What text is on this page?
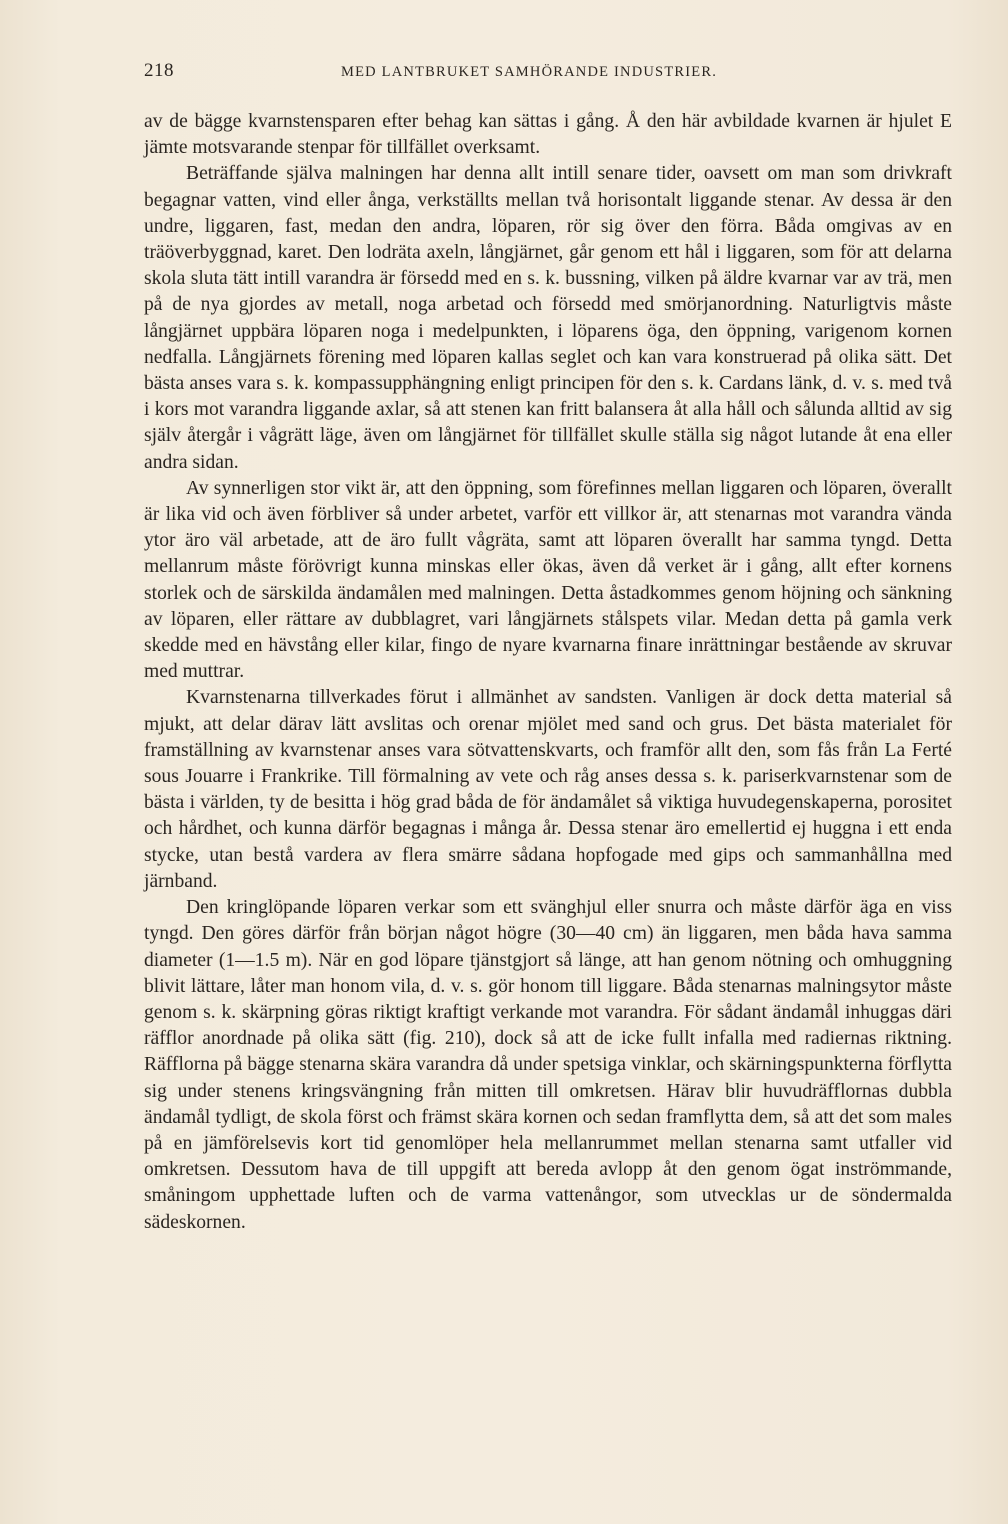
218	MED LANTBRUKET SAMHÖRANDE INDUSTRIER.

av de bägge kvarnstensparen efter behag kan sättas i gång. Å den här avbildade kvarnen är hjulet E jämte motsvarande stenpar för tillfället overksamt.

Beträffande själva malningen har denna allt intill senare tider, oavsett om man som drivkraft begagnar vatten, vind eller ånga, verkställts mellan två horisontalt liggande stenar. Av dessa är den undre, liggaren, fast, medan den andra, löparen, rör sig över den förra. Båda omgivas av en träöverbyggnad, karet. Den lodräta axeln, långjärnet, går genom ett hål i liggaren, som för att delarna skola sluta tätt intill varandra är försedd med en s. k. bussning, vilken på äldre kvarnar var av trä, men på de nya gjordes av metall, noga arbetad och försedd med smörjanordning. Naturligtvis måste långjärnet uppbära löparen noga i medelpunkten, i löparens öga, den öppning, varigenom kornen nedfalla. Långjärnets förening med löparen kallas seglet och kan vara konstruerad på olika sätt. Det bästa anses vara s. k. kompassupphängning enligt principen för den s. k. Cardans länk, d. v. s. med två i kors mot varandra liggande axlar, så att stenen kan fritt balansera åt alla håll och sålunda alltid av sig själv återgår i vågrätt läge, även om långjärnet för tillfället skulle ställa sig något lutande åt ena eller andra sidan.

Av synnerligen stor vikt är, att den öppning, som förefinnes mellan liggaren och löparen, överallt är lika vid och även förbliver så under arbetet, varför ett villkor är, att stenarnas mot varandra vända ytor äro väl arbetade, att de äro fullt vågräta, samt att löparen överallt har samma tyngd. Detta mellanrum måste förövrigt kunna minskas eller ökas, även då verket är i gång, allt efter kornens storlek och de särskilda ändamålen med malningen. Detta åstadkommes genom höjning och sänkning av löparen, eller rättare av dubblagret, vari långjärnets stålspets vilar. Medan detta på gamla verk skedde med en hävstång eller kilar, fingo de nyare kvarnarna finare inrättningar bestående av skruvar med muttrar.

Kvarnstenarna tillverkades förut i allmänhet av sandsten. Vanligen är dock detta material så mjukt, att delar därav lätt avslitas och orenar mjölet med sand och grus. Det bästa materialet för framställning av kvarnstenar anses vara sötvattenskvarts, och framför allt den, som fås från La Ferté sous Jouarre i Frankrike. Till förmalning av vete och råg anses dessa s. k. pariserkvarnstenar som de bästa i världen, ty de besitta i hög grad båda de för ändamålet så viktiga huvudegenskaperna, porositet och hårdhet, och kunna därför begagnas i många år. Dessa stenar äro emellertid ej huggna i ett enda stycke, utan bestå vardera av flera smärre sådana hopfogade med gips och sammanhållna med järnband.

Den kringlöpande löparen verkar som ett svänghjul eller snurra och måste därför äga en viss tyngd. Den göres därför från början något högre (30—40 cm) än liggaren, men båda hava samma diameter (1—1.5 m). När en god löpare tjänstgjort så länge, att han genom nötning och omhuggning blivit lättare, låter man honom vila, d. v. s. gör honom till liggare. Båda stenarnas malningsytor måste genom s. k. skärpning göras riktigt kraftigt verkande mot varandra. För sådant ändamål inhuggas däri räfflor anordnade på olika sätt (fig. 210), dock så att de icke fullt infalla med radiernas riktning. Räfflorna på bägge stenarna skära varandra då under spetsiga vinklar, och skärningspunkterna förflytta sig under stenens kringsvängning från mitten till omkretsen. Härav blir huvudräfflornas dubbla ändamål tydligt, de skola först och främst skära kornen och sedan framflytta dem, så att det som males på en jämförelsevis kort tid genomlöper hela mellanrummet mellan stenarna samt utfaller vid omkretsen. Dessutom hava de till uppgift att bereda avlopp åt den genom ögat inströmmande, småningom upphettade luften och de varma vattenångor, som utvecklas ur de söndermalda sädeskornen.
